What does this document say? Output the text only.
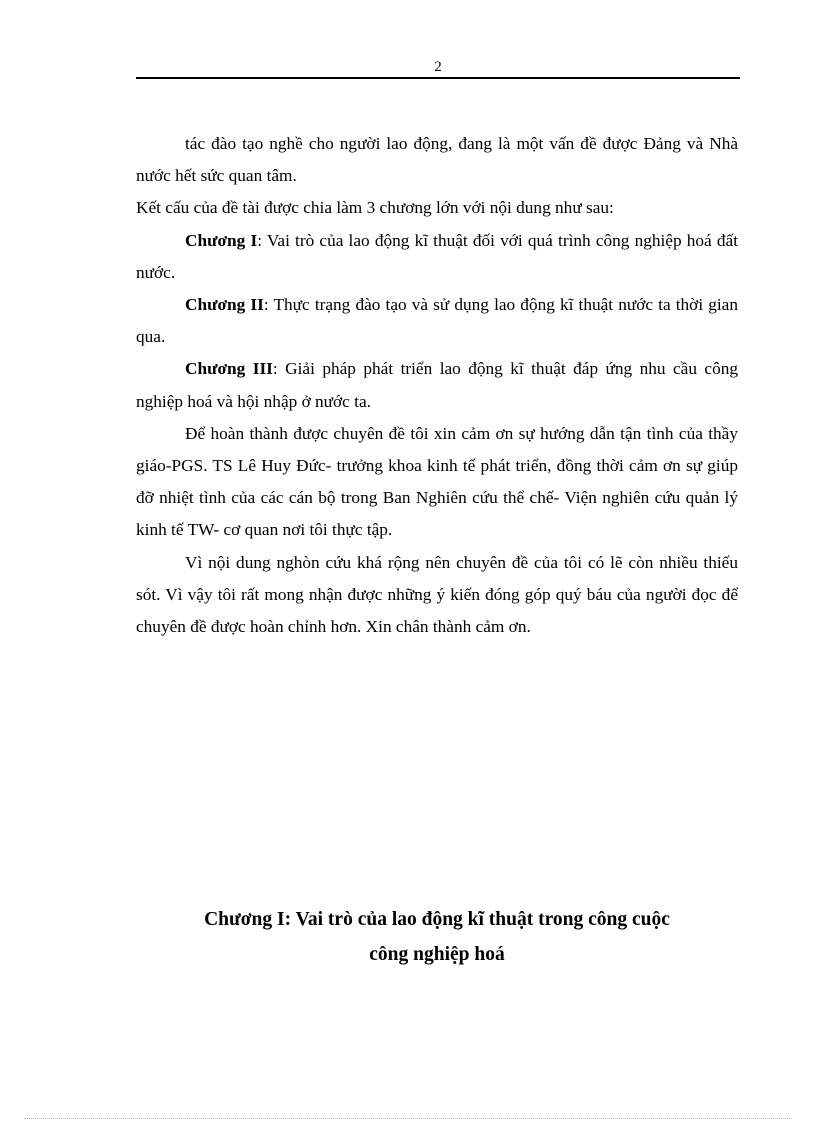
2

tác đào tạo nghề cho người lao động, đang là một vấn đề được Đảng và Nhà nước hết sức quan tâm.

Kết cấu của đề tài được chia làm 3 chương lớn với nội dung như sau:

Chương I: Vai trò của lao động kĩ thuật đối với quá trình công nghiệp hoá đất nước.

Chương II: Thực trạng đào tạo và sử dụng lao động kĩ thuật nước ta thời gian qua.

Chương III: Giải pháp phát triển lao động kĩ thuật đáp ứng nhu cầu công nghiệp hoá và hội nhập ở nước ta.

Để hoàn thành được chuyên đề tôi xin cảm ơn sự hướng dẫn tận tình của thầy giáo-PGS. TS Lê Huy Đức- trưởng khoa kinh tế phát triển, đồng thời cảm ơn sự giúp đỡ nhiệt tình của các cán bộ trong Ban Nghiên cứu thể chế- Viện nghiên cứu quản lý kinh tế TW- cơ quan nơi tôi thực tập.

Vì nội dung nghòn cứu khá rộng nên chuyên đề của tôi có lẽ còn nhiều thiếu sót. Vì vậy tôi rất mong nhận được những ý kiến đóng góp quý báu của người đọc để chuyên đề được hoàn chỉnh hơn. Xin chân thành cảm ơn.

Chương I: Vai trò của lao động kĩ thuật trong công cuộc
công nghiệp hoá
